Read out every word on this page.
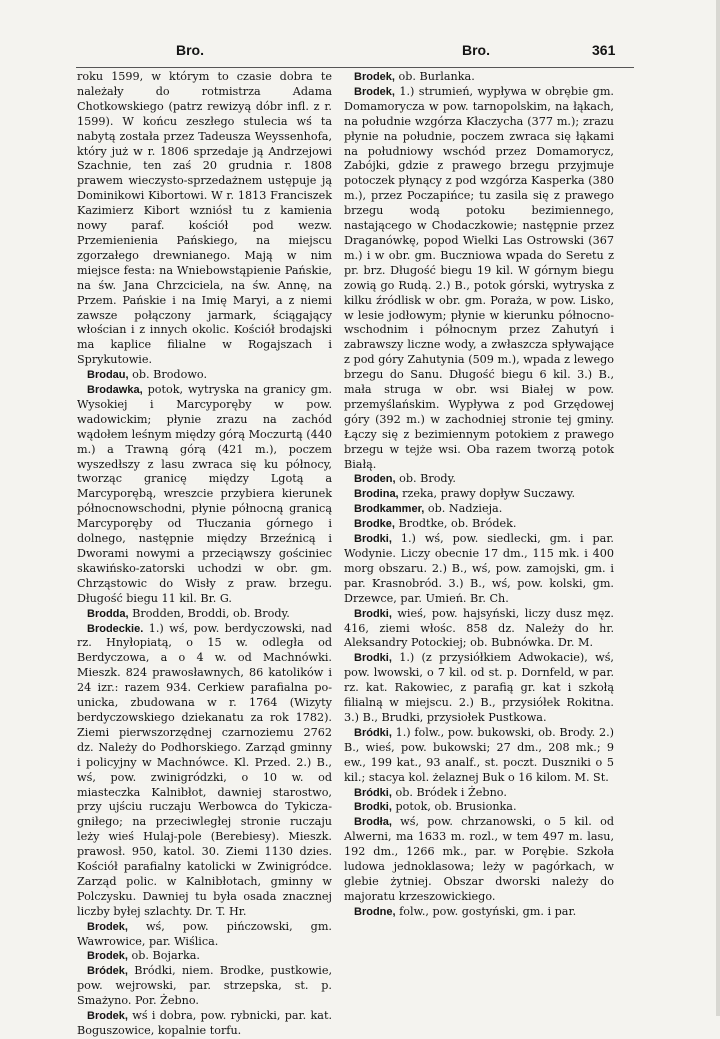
Bro.	Bro.	361

roku 1599, w którym to czasie dobra te należały do rotmistrza Adama Chotkowskiego (patrz rewizyą dóbr infl. z r. 1599). W końcu zeszłego stulecia wś ta nabytą została przez Tadeusza Weyssenhofa, który już w r. 1806 sprzedaje ją Andrzejowi Szachnie, ten zaś 20 grudnia r. 1808 prawem wieczysto-sprzedażnem ustępuje ją Dominikowi Kibortowi. W r. 1813 Franciszek Kazimierz Kibort wzniósł tu z kamienia nowy paraf. kościół pod wezw. Przemienienia Pańskiego, na miejscu zgorzałego drewnianego. Mają w nim miejsce festa: na Wniebowstąpienie Pańskie, na św. Jana Chrzciciela, na św. Annę, na Przem. Pańskie i na Imię Maryi, a z niemi zawsze połączony jarmark, ściągający włościan i z innych okolic. Kościół brodajski ma kaplice filialne w Rogajszach i Sprykutowie.

Brodau, ob. Brodowo.

Brodawka, potok, wytryska na granicy gm. Wysokiej i Marcyporęby w pow. wadowickim; płynie zrazu na zachód wądołem leśnym między górą Moczurtą (440 m.) a Trawną górą (421 m.), poczem wyszedłszy z lasu zwraca się ku północy, tworząc granicę między Lgotą a Marcyporębą, wreszcie przybiera kierunek północnowschodni, płynie północną granicą Marcyporęby od Tłuczania górnego i dolnego, następnie między Brzeźnicą i Dworami nowymi a przeciąwszy gościniec skawińsko-zatorski uchodzi w obr. gm. Chrząstowic do Wisły z praw. brzegu. Długość biegu 11 kil. Br. G.

Brodda, Brodden, Broddi, ob. Brody.

Brodeckie. 1.) wś, pow. berdyczowski, nad rz. Hnyłopiatą, o 15 w. odległa od Berdyczowa, a o 4 w. od Machnówki. Mieszk. 824 prawosławnych, 86 katolików i 24 izr.: razem 934. Cerkiew parafialna po-unicka, zbudowana w r. 1764 (Wizyty berdyczowskiego dziekanatu za rok 1782). Ziemi pierwszorzędnej czarnoziemu 2762 dz. Należy do Podhorskiego. Zarząd gminny i policyjny w Machnówce. Kl. Przed. 2.) B., wś, pow. zwinigródzki, o 10 w. od miasteczka Kalnibłot, dawniej starostwo, przy ujściu ruczaju Werbowca do Tykicza-gniłego; na przeciwległej stronie ruczaju leży wieś Hulaj-pole (Berebiesy). Mieszk. prawosł. 950, katol. 30. Ziemi 1130 dzies. Kościół parafialny katolicki w Zwinigródce. Zarząd polic. w Kalnibłotach, gminny w Polczysku. Dawniej tu była osada znacznej liczby byłej szlachty. Dr. T. Hr.

Brodek, wś, pow. pińczowski, gm. Wawrowice, par. Wiślica.

Brodek, ob. Bojarka.

Bródek, Bródki, niem. Brodke, pustkowie, pow. wejrowski, par. strzepska, st. p. Smażyno. Por. Żebno.

Brodek, wś i dobra, pow. rybnicki, par. kat. Boguszowice, kopalnie torfu.

Brodek, ob. Burlanka.

Brodek, 1.) strumień, wypływa w obrębie gm. Domamorycza w pow. tarnopolskim, na łąkach, na południe wzgórza Kłaczycha (377 m.); zrazu płynie na południe, poczem zwraca się łąkami na południowy wschód przez Domamorycz, Zabójki, gdzie z prawego brzegu przyjmuje potoczek płynący z pod wzgórza Kasperka (380 m.), przez Poczapińce; tu zasila się z prawego brzegu wodą potoku bezimiennego, nastającego w Chodaczkowie; następnie przez Draganówkę, popod Wielki Las Ostrowski (367 m.) i w obr. gm. Buczniowa wpada do Seretu z pr. brz. Długość biegu 19 kil. W górnym biegu zowią go Rudą. 2.) B., potok górski, wytryska z kilku źródlisk w obr. gm. Poraża, w pow. Lisko, w lesie jodłowym; płynie w kierunku północno-wschodnim i północnym przez Zahutyń i zabrawszy liczne wody, a zwłaszcza spływające z pod góry Zahutynia (509 m.), wpada z lewego brzegu do Sanu. Długość biegu 6 kil. 3.) B., mała struga w obr. wsi Białej w pow. przemyślańskim. Wypływa z pod Grzędowej góry (392 m.) w zachodniej stronie tej gminy. Łączy się z bezimiennym potokiem z prawego brzegu w tejże wsi. Oba razem tworzą potok Białą.

Broden, ob. Brody.

Brodina, rzeka, prawy dopływ Suczawy.

Brodkammer, ob. Nadzieja.

Brodke, Brodtke, ob. Bródek.

Brodki, 1.) wś, pow. siedlecki, gm. i par. Wodynie. Liczy obecnie 17 dm., 115 mk. i 400 morg obszaru. 2.) B., wś, pow. zamojski, gm. i par. Krasnobród. 3.) B., wś, pow. kolski, gm. Drzewce, par. Umień. Br. Ch.

Brodki, wieś, pow. hajsyński, liczy dusz męz. 416, ziemi włośc. 858 dz. Należy do hr. Aleksandry Potockiej; ob. Bubnówka. Dr. M.

Brodki, 1.) (z przysiółkiem Adwokacie), wś, pow. lwowski, o 7 kil. od st. p. Dornfeld, w par. rz. kat. Rakowiec, z parafią gr. kat i szkołą filialną w miejscu. 2.) B., przysiółek Rokitna. 3.) B., Brudki, przysiołek Pustkowa.

Bródki, 1.) folw., pow. bukowski, ob. Brody. 2.) B., wieś, pow. bukowski; 27 dm., 208 mk.; 9 ew., 199 kat., 93 analf., st. poczt. Duszniki o 5 kil.; stacya kol. żelaznej Buk o 16 kilom. M. St.

Bródki, ob. Bródek i Żebno.

Brodki, potok, ob. Brusionka.

Brodła, wś, pow. chrzanowski, o 5 kil. od Alwerni, ma 1633 m. rozl., w tem 497 m. lasu, 192 dm., 1266 mk., par. w Porębie. Szkoła ludowa jednoklasowa; leży w pagórkach, w glebie żytniej. Obszar dworski należy do majoratu krzeszowickiego.

Brodne, folw., pow. gostyński, gm. i par.
